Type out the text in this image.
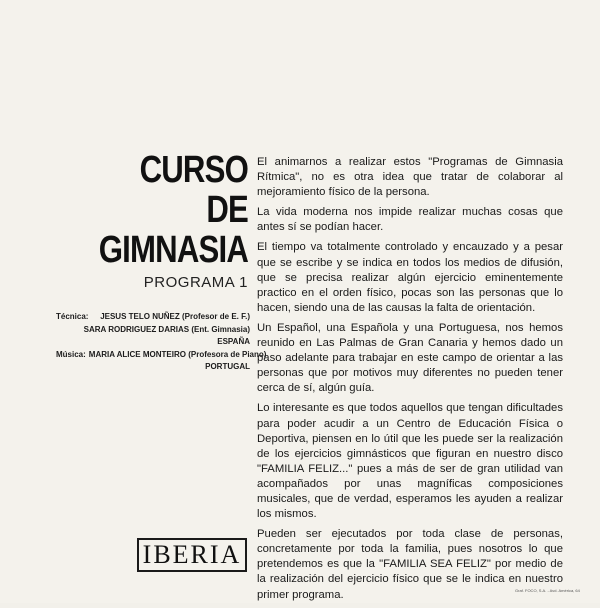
CURSO
DE
GIMNASIA
PROGRAMA 1
Técnica:	JESUS TELO NUÑEZ (Profesor de E. F.)
SARA RODRIGUEZ DARIAS (Ent. Gimnasia)
ESPAÑA
Música: MARIA ALICE MONTEIRO (Profesora de Piano)
PORTUGAL
IBERIA

El animarnos a realizar estos "Programas de Gimnasia Rítmica", no es otra idea que tratar de colaborar al mejoramiento físico de la persona.

La vida moderna nos impide realizar muchas cosas que antes sí se podían hacer.

El tiempo va totalmente controlado y encauzado y a pesar que se escribe y se indica en todos los medios de difusión, que se precisa realizar algún ejercicio eminentemente practico en el orden físico, pocas son las personas que lo hacen, siendo una de las causas la falta de orientación.

Un Español, una Española y una Portuguesa, nos hemos reunido en Las Palmas de Gran Canaria y hemos dado un paso adelante para trabajar en este campo de orientar a las personas que por motivos muy diferentes no pueden tener cerca de sí, algún guía.

Lo interesante es que todos aquellos que tengan dificultades para poder acudir a un Centro de Educación Física o Deportiva, piensen en lo útil que les puede ser la realización de los ejercicios gimnásticos que figuran en nuestro disco "FAMILIA FELIZ..." pues a más de ser de gran utilidad van acompañados por unas magníficas composiciones musicales, que de verdad, esperamos les ayuden a realizar los mismos.

Pueden ser ejecutados por toda clase de personas, concretamente por toda la familia, pues nosotros lo que pretendemos es que la "FAMILIA SEA FELIZ" por medio de la realización del ejercicio físico que se le indica en nuestro primer programa.	Graf. FOCO, S.A. - Avd. América, 64
